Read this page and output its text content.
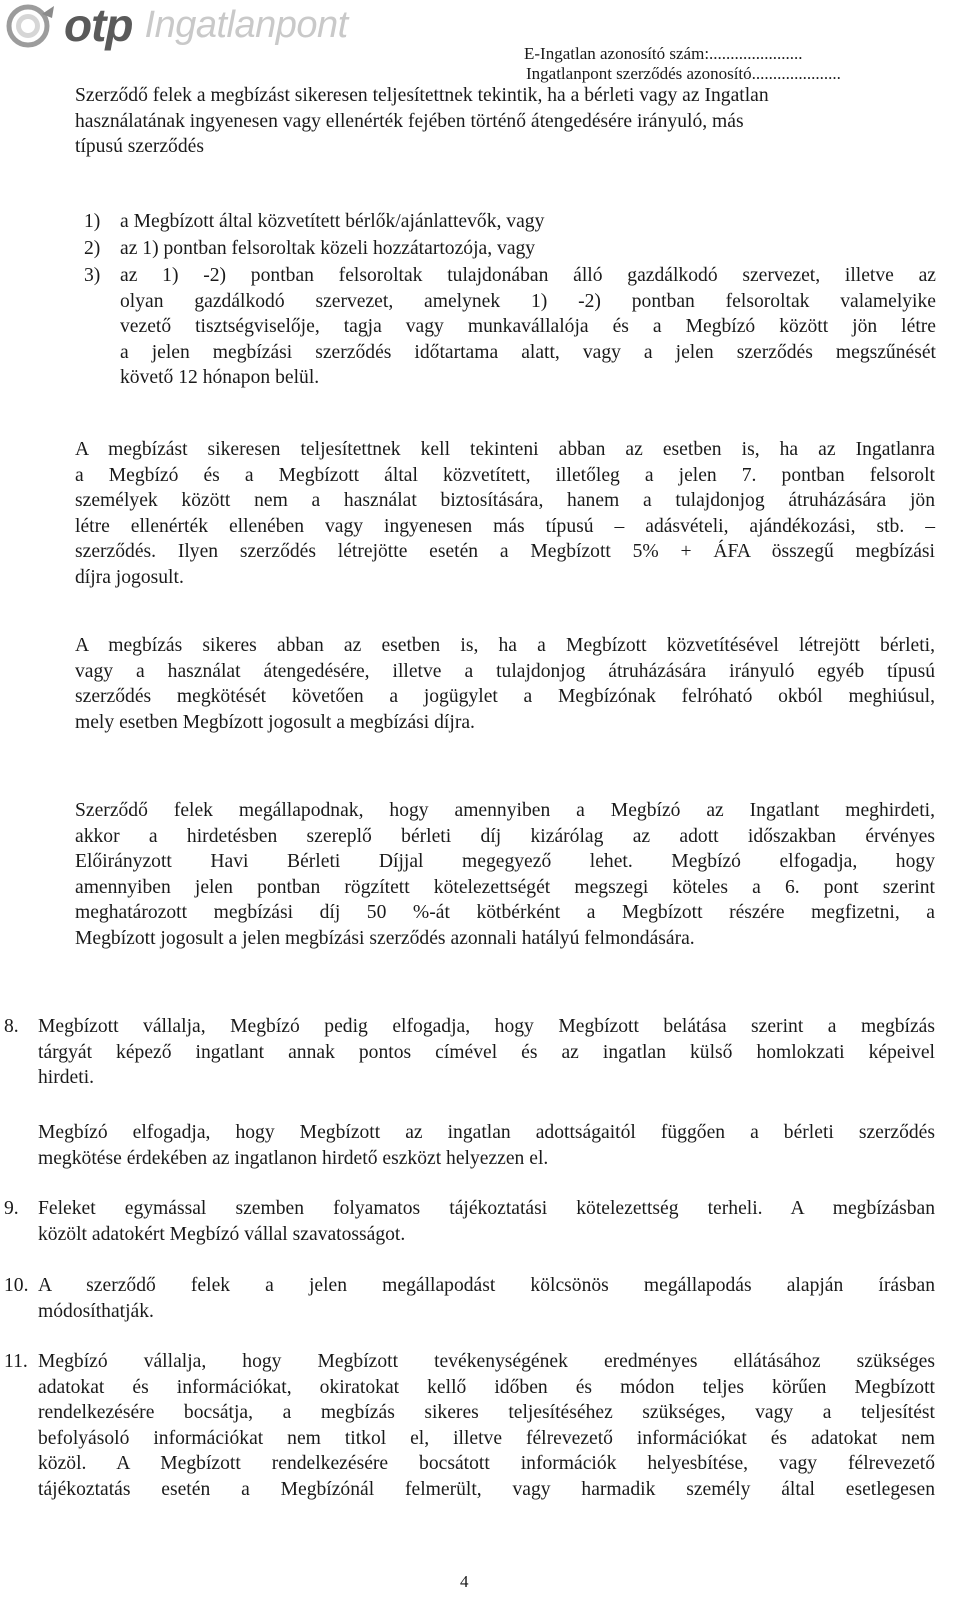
otp Ingatlanpont
E-Ingatlan azonosító szám:......................
Ingatlanpont szerződés azonosító.....................
Szerződő felek a megbízást sikeresen teljesítettnek tekintik, ha a bérleti vagy az Ingatlan
használatának ingyenesen vagy ellenérték fejében történő átengedésére irányuló, más
típusú szerződés
1) a Megbízott által közvetített bérlők/ajánlattevők, vagy
2) az 1) pontban felsoroltak közeli hozzátartozója, vagy
3) az 1) -2) pontban felsoroltak tulajdonában álló gazdálkodó szervezet, illetve az
olyan gazdálkodó szervezet, amelynek 1) -2) pontban felsoroltak valamelyike
vezető tisztségviselője, tagja vagy munkavállalója és a Megbízó között jön létre
a jelen megbízási szerződés időtartama alatt, vagy a jelen szerződés megszűnését
követő 12 hónapon belül.
A megbízást sikeresen teljesítettnek kell tekinteni abban az esetben is, ha az Ingatlanra
a Megbízó és a Megbízott által közvetített, illetőleg a jelen 7. pontban felsorolt
személyek között nem a használat biztosítására, hanem a tulajdonjog átruházására jön
létre ellenérték ellenében vagy ingyenesen más típusú – adásvételi, ajándékozási, stb. –
szerződés. Ilyen szerződés létrejötte esetén a Megbízott 5% + ÁFA összegű megbízási
díjra jogosult.
A megbízás sikeres abban az esetben is, ha a Megbízott közvetítésével létrejött bérleti,
vagy a használat átengedésére, illetve a tulajdonjog átruházására irányuló egyéb típusú
szerződés megkötését követően a jogügylet a Megbízónak felróható okból meghiúsul,
mely esetben Megbízott jogosult a megbízási díjra.
Szerződő felek megállapodnak, hogy amennyiben a Megbízó az Ingatlant meghirdeti,
akkor a hirdetésben szereplő bérleti díj kizárólag az adott időszakban érvényes
Előirányzott Havi Bérleti Díjjal megegyező lehet. Megbízó elfogadja, hogy
amennyiben jelen pontban rögzített kötelezettségét megszegi köteles a 6. pont szerint
meghatározott megbízási díj 50 %-át kötbérként a Megbízott részére megfizetni, a
Megbízott jogosult a jelen megbízási szerződés azonnali hatályú felmondására.
8. Megbízott vállalja, Megbízó pedig elfogadja, hogy Megbízott belátása szerint a megbízás
tárgyát képező ingatlant annak pontos címével és az ingatlan külső homlokzati képeivel
hirdeti.
Megbízó elfogadja, hogy Megbízott az ingatlan adottságaitól függően a bérleti szerződés
megkötése érdekében az ingatlanon hirdető eszközt helyezzen el.
9. Feleket egymással szemben folyamatos tájékoztatási kötelezettség terheli. A megbízásban
közölt adatokért Megbízó vállal szavatosságot.
10. A szerződő felek a jelen megállapodást kölcsönös megállapodás alapján írásban
módosíthatják.
11. Megbízó vállalja, hogy Megbízott tevékenységének eredményes ellátásához szükséges
adatokat és információkat, okiratokat kellő időben és módon teljes körűen Megbízott
rendelkezésére bocsátja, a megbízás sikeres teljesítéséhez szükséges, vagy a teljesítést
befolyásoló információkat nem titkol el, illetve félrevezető információkat és adatokat nem
közöl. A Megbízott rendelkezésére bocsátott információk helyesbítése, vagy félrevezető
tájékoztatás esetén a Megbízónál felmerült, vagy harmadik személy által esetlegesen
4
